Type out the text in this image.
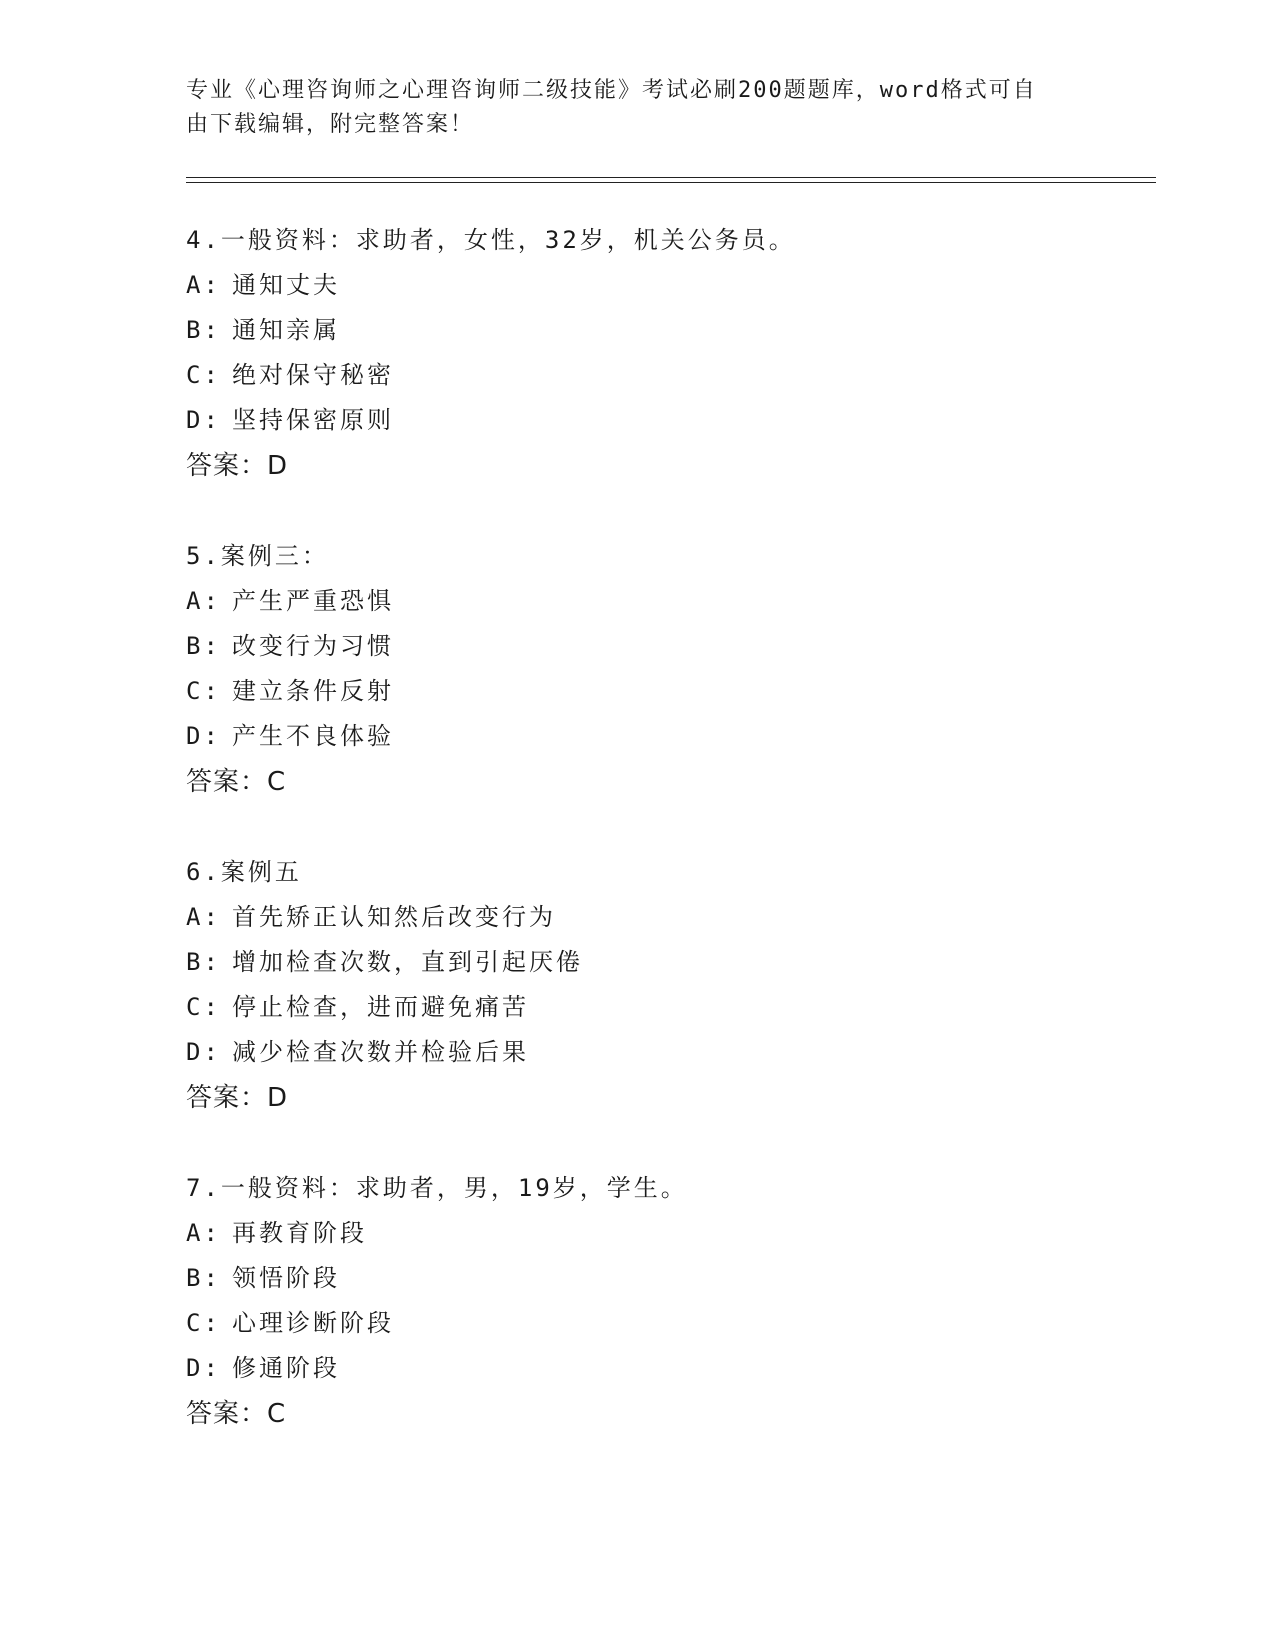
专业《心理咨询师之心理咨询师二级技能》考试必刷200题题库，word格式可自
由下载编辑，附完整答案！
4.一般资料：求助者，女性，32岁，机关公务员。
A: 通知丈夫
B: 通知亲属
C: 绝对保守秘密
D: 坚持保密原则
答案：D
5.案例三：
A: 产生严重恐惧
B: 改变行为习惯
C: 建立条件反射
D: 产生不良体验
答案：C
6.案例五
A: 首先矫正认知然后改变行为
B: 增加检查次数，直到引起厌倦
C: 停止检查，进而避免痛苦
D: 减少检查次数并检验后果
答案：D
7.一般资料：求助者，男，19岁，学生。
A: 再教育阶段
B: 领悟阶段
C: 心理诊断阶段
D: 修通阶段
答案：C
